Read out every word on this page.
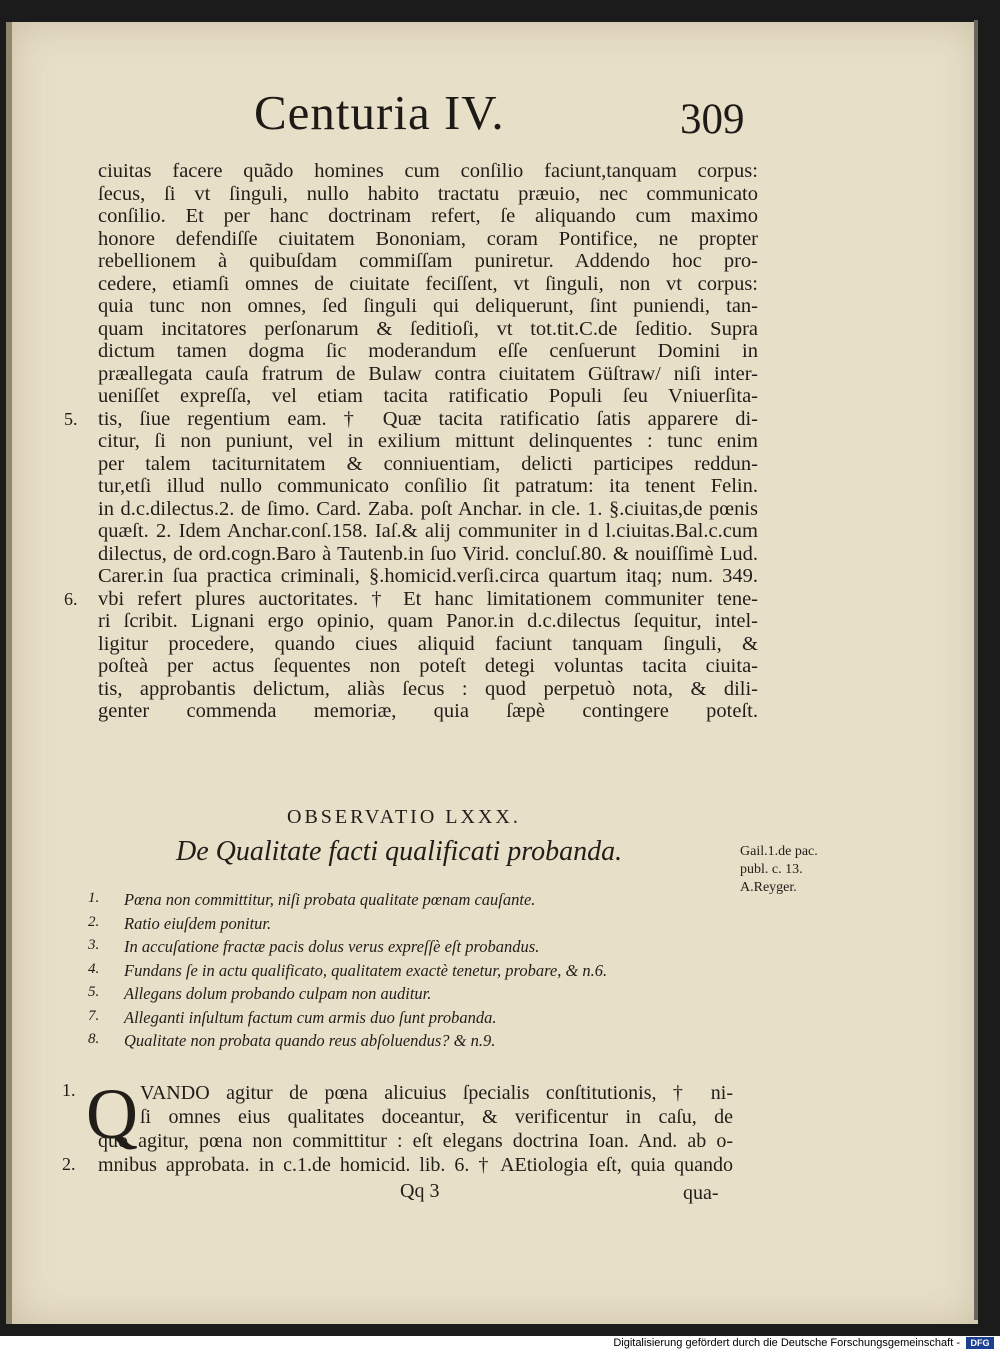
Centuria IV.	309
ciuitas facere quãdo homines cum conſilio faciunt,tanquam corpus:
ſecus, ſi vt ſinguli, nullo habito tractatu præuio, nec communicato
conſilio. Et per hanc doctrinam refert, ſe aliquando cum maximo
honore defendiſſe ciuitatem Bononiam, coram Pontifice, ne propter
rebellionem à quibuſdam commiſſam puniretur. Addendo hoc pro-
cedere, etiamſi omnes de ciuitate feciſſent, vt ſinguli, non vt corpus:
quia tunc non omnes, ſed ſinguli qui deliquerunt, ſint puniendi, tan-
quam incitatores perſonarum & ſeditioſi, vt tot.tit.C.de ſeditio. Supra
dictum tamen dogma ſic moderandum eſſe cenſuerunt Domini in
præallegata cauſa fratrum de Bulaw contra ciuitatem Güſtraw/ niſi inter-
ueniſſet expreſſa, vel etiam tacita ratificatio Populi ſeu Vniuerſita-
tis, ſiue regentium eam. † Quæ tacita ratificatio ſatis apparere di-
5.
citur, ſi non puniunt, vel in exilium mittunt delinquentes : tunc enim
per talem taciturnitatem & conniuentiam, delicti participes reddun-
tur,etſi illud nullo communicato conſilio ſit patratum: ita tenent Felin.
in d.c.dilectus.2. de ſimo. Card. Zaba. poſt Anchar. in cle. 1. §.ciuitas,de pœnis
quæſt. 2. Idem Anchar.conſ.158. Iaſ.& alij communiter in d l.ciuitas.Bal.c.cum
dilectus, de ord.cogn.Baro à Tautenb.in ſuo Virid. concluſ.80. & nouiſſimè Lud.
Carer.in ſua practica criminali, §.homicid.verſi.circa quartum itaq; num. 349.
vbi refert plures auctoritates. † Et hanc limitationem communiter tene-
6.
ri ſcribit. Lignani ergo opinio, quam Panor.in d.c.dilectus ſequitur, intel-
ligitur procedere, quando ciues aliquid faciunt tanquam ſinguli, &
poſteà per actus ſequentes non poteſt detegi voluntas tacita ciuita-
tis, approbantis delictum, aliàs ſecus : quod perpetuò nota, & dili-
genter commenda memoriæ, quia ſæpè contingere poteſt.
OBSERVATIO LXXX.
De Qualitate facti qualificati probanda.	Gail.1.de pac.
publ. c. 13.
A.Reyger.
1. Pœna non committitur, niſi probata qualitate pœnam cauſante.
2. Ratio eiuſdem ponitur.
3. In accuſatione fractæ pacis dolus verus expreſſè eſt probandus.
4. Fundans ſe in actu qualificato, qualitatem exactè tenetur, probare, & n.6.
5. Allegans dolum probando culpam non auditur.
7. Alleganti inſultum factum cum armis duo ſunt probanda.
8. Qualitate non probata quando reus abſoluendus? & n.9.
Q
1.
2.
VANDO agitur de pœna alicuius ſpecialis conſtitutionis, † ni-
ſi omnes eius qualitates doceantur, & verificentur in caſu, de
quo agitur, pœna non committitur : eſt elegans doctrina Ioan. And. ab o-
mnibus approbata. in c.1.de homicid. lib. 6. † AEtiologia eſt, quia quando
Qq 3	qua-
Digitalisierung gefördert durch die Deutsche Forschungsgemeinschaft -	DFG
